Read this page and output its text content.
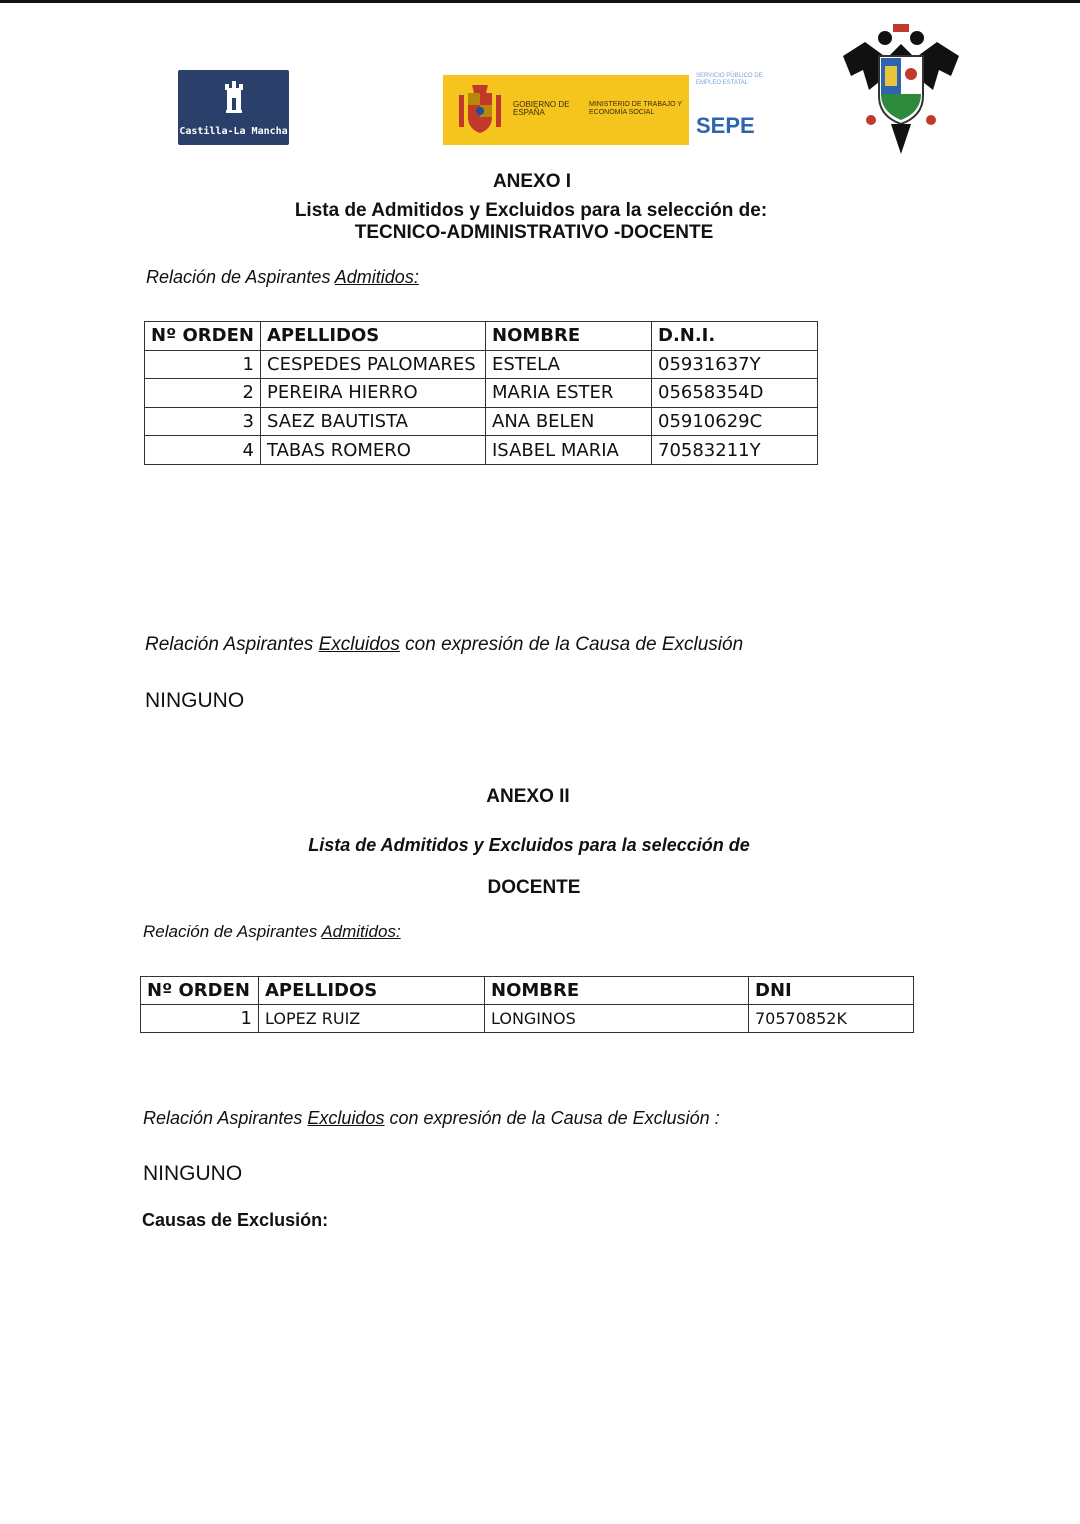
Castilla-La Mancha
GOBIERNO DE ESPAÑA
MINISTERIO DE TRABAJO Y ECONOMÍA SOCIAL
SERVICIO PÚBLICO DE EMPLEO ESTATAL
SEPE
ANEXO I
Lista de Admitidos y Excluidos para la selección de:
TECNICO-ADMINISTRATIVO -DOCENTE
Relación de Aspirantes Admitidos:
Nº ORDEN	APELLIDOS	NOMBRE	D.N.I.
1	CESPEDES PALOMARES	ESTELA	05931637Y
2	PEREIRA HIERRO	MARIA ESTER	05658354D
3	SAEZ BAUTISTA	ANA BELEN	05910629C
4	TABAS ROMERO	ISABEL MARIA	70583211Y
Relación Aspirantes Excluidos con expresión de la Causa de Exclusión
NINGUNO
ANEXO II
Lista de Admitidos y Excluidos para la selección de
DOCENTE
Relación de Aspirantes Admitidos:
Nº ORDEN	APELLIDOS	NOMBRE	DNI
1	LOPEZ RUIZ	LONGINOS	70570852K
Relación Aspirantes Excluidos con expresión de la Causa de Exclusión :
NINGUNO
Causas de Exclusión:
